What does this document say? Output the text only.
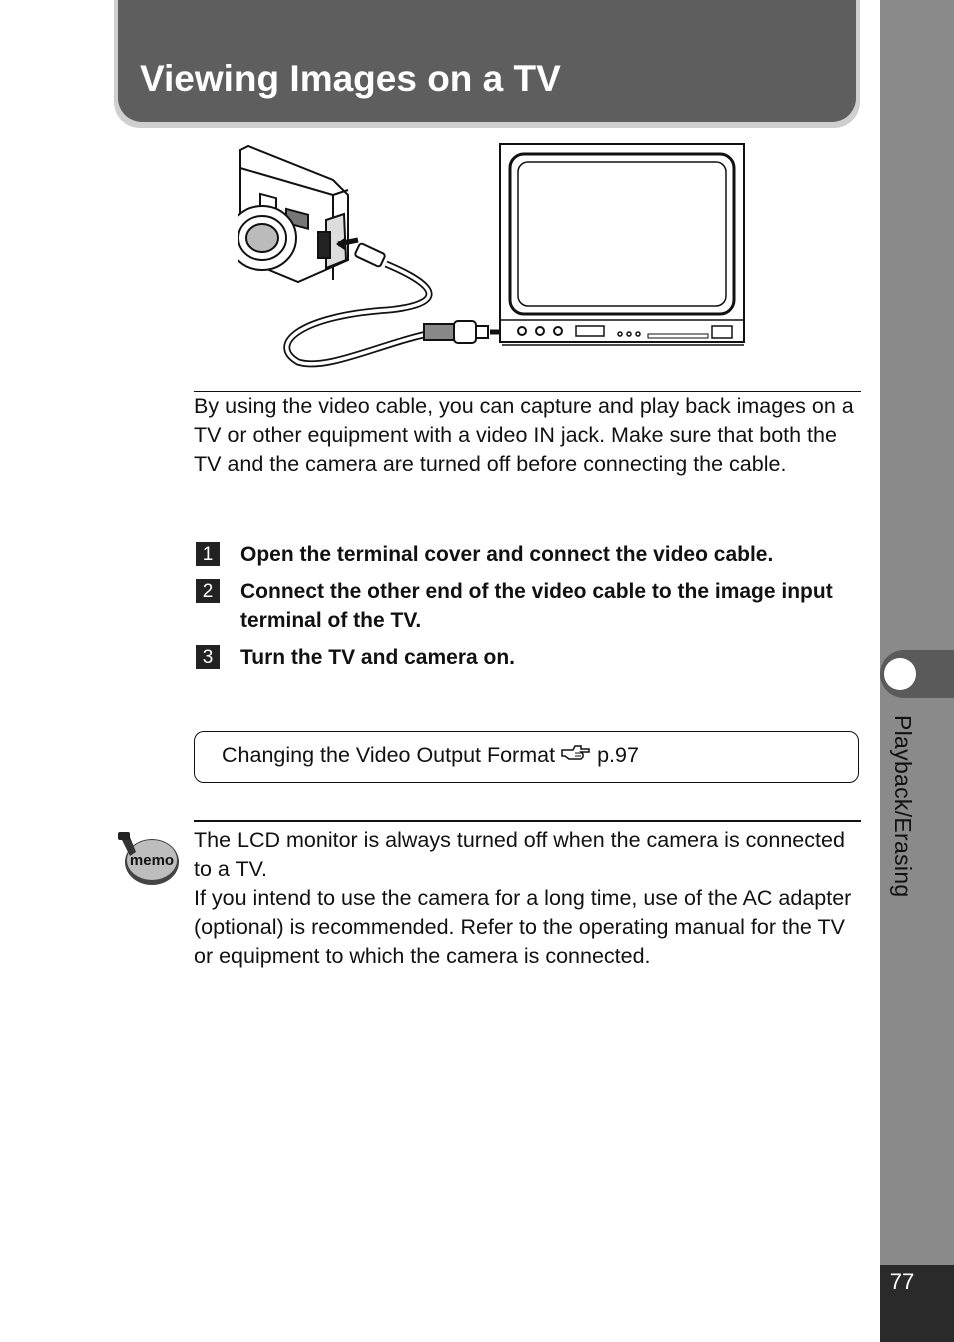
Viewing Images on a TV

By using the video cable, you can capture and play back images on a TV or other equipment with a video IN jack. Make sure that both the TV and the camera are turned off before connecting the cable.

1	Open the terminal cover and connect the video cable.
2	Connect the other end of the video cable to the image input terminal of the TV.
3	Turn the TV and camera on.
Changing the Video Output Format p.97
memo
The LCD monitor is always turned off when the camera is connected to a TV.
If you intend to use the camera for a long time, use of the AC adapter (optional) is recommended. Refer to the operating manual for the TV or equipment to which the camera is connected.
Playback/Erasing
77
